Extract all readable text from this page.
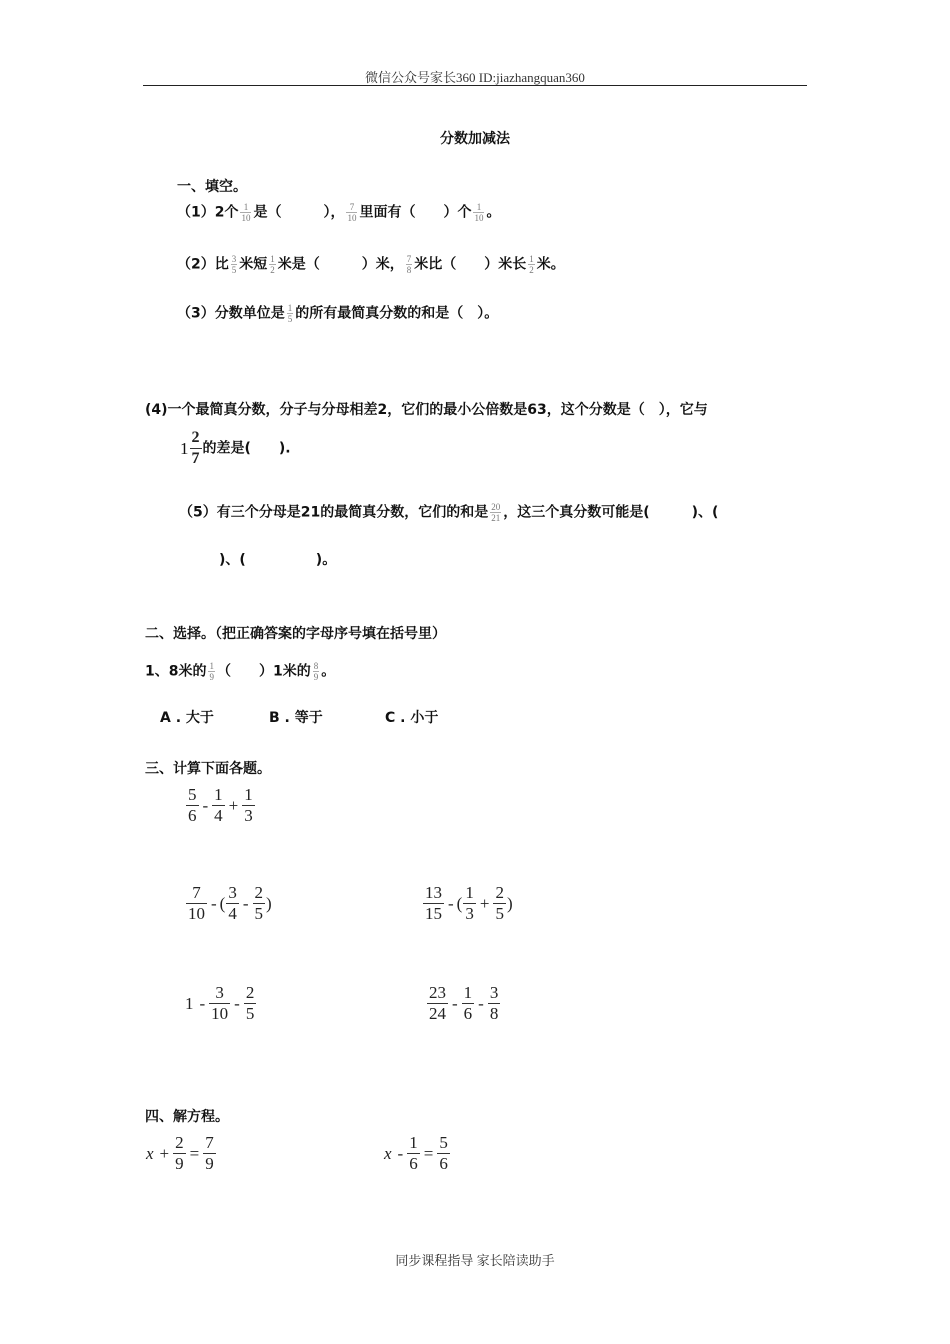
微信公众号家长360 ID:jiazhangquan360
同步课程指导 家长陪读助手
分数加减法
一、填空。
（1）2个 $\frac{1}{10}$ 是（　　　）， $\frac{7}{10}$ 里面有（　　）个 $\frac{1}{10}$ 。
（2）比 $\frac{3}{5}$ 米短 $\frac{1}{2}$ 米是（　　　）米， $\frac{7}{8}$ 米比（　　）米长 $\frac{1}{2}$ 米。
（3）分数单位是 $\frac{1}{5}$ 的所有最简真分数的和是（　）。
(4)一个最简真分数，分子与分母相差2，它们的最小公倍数是63，这个分数是（　），它与
$1 \frac{2}{7}$ 的差是(　　).
（5）有三个分母是21的最简真分数，它们的和是 $\frac{20}{21}$ ，这三个真分数可能是(　　　)、(
　)、(　　　　　)。
二、选择。（把正确答案的字母序号填在括号里）
1、8米的 $\frac{1}{9}$ （　　）1米的 $\frac{8}{9}$ 。
A . 大于	B . 等于	C . 小于
三、计算下面各题。
$\frac{5}{6} - \frac{1}{4} + \frac{1}{3}$
$\frac{7}{10}$ - ( $\frac{3}{4} - \frac{2}{5}$ )	$\frac{13}{15}$ - ( $\frac{1}{3} + \frac{2}{5}$ )
$1 - \frac{3}{10} - \frac{2}{5}$	$\frac{23}{24} - \frac{1}{6} - \frac{3}{8}$
四、解方程。
$x + \frac{2}{9} = \frac{7}{9}$	$x - \frac{1}{6} = \frac{5}{6}$
